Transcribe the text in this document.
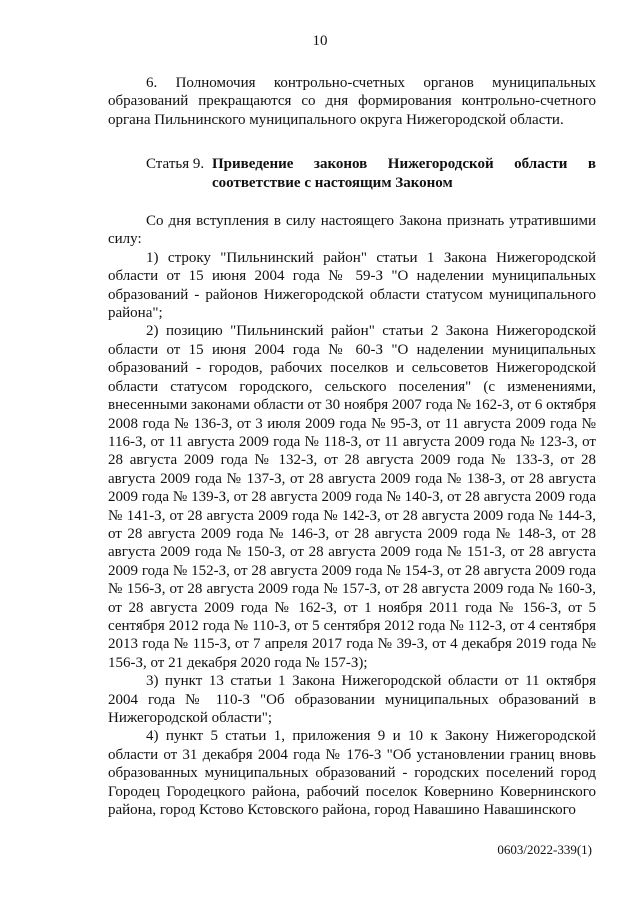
10

6. Полномочия контрольно-счетных органов муниципальных образований прекращаются со дня формирования контрольно-счетного органа Пильнинского муниципального округа Нижегородской области.

Статья 9. Приведение законов Нижегородской области в соответствие с настоящим Законом

Со дня вступления в силу настоящего Закона признать утратившими силу:

1) строку "Пильнинский район" статьи 1 Закона Нижегородской области от 15 июня 2004 года № 59-З "О наделении муниципальных образований - районов Нижегородской области статусом муниципального района";

2) позицию "Пильнинский район" статьи 2 Закона Нижегородской области от 15 июня 2004 года № 60-З "О наделении муниципальных образований - городов, рабочих поселков и сельсоветов Нижегородской области статусом городского, сельского поселения" (с изменениями, внесенными законами области от 30 ноября 2007 года № 162-З, от 6 октября 2008 года № 136-З, от 3 июля 2009 года № 95-З, от 11 августа 2009 года № 116-З, от 11 августа 2009 года № 118-З, от 11 августа 2009 года № 123-З, от 28 августа 2009 года № 132-З, от 28 августа 2009 года № 133-З, от 28 августа 2009 года № 137-З, от 28 августа 2009 года № 138-З, от 28 августа 2009 года № 139-З, от 28 августа 2009 года № 140-З, от 28 августа 2009 года № 141-З, от 28 августа 2009 года № 142-З, от 28 августа 2009 года № 144-З, от 28 августа 2009 года № 146-З, от 28 августа 2009 года № 148-З, от 28 августа 2009 года № 150-З, от 28 августа 2009 года № 151-З, от 28 августа 2009 года № 152-З, от 28 августа 2009 года № 154-З, от 28 августа 2009 года № 156-З, от 28 августа 2009 года № 157-З, от 28 августа 2009 года № 160-З, от 28 августа 2009 года № 162-З, от 1 ноября 2011 года № 156-З, от 5 сентября 2012 года № 110-З, от 5 сентября 2012 года № 112-З, от 4 сентября 2013 года № 115-З, от 7 апреля 2017 года № 39-З, от 4 декабря 2019 года № 156-З, от 21 декабря 2020 года № 157-З);

3) пункт 13 статьи 1 Закона Нижегородской области от 11 октября 2004 года № 110-З "Об образовании муниципальных образований в Нижегородской области";

4) пункт 5 статьи 1, приложения 9 и 10 к Закону Нижегородской области от 31 декабря 2004 года № 176-З "Об установлении границ вновь образованных муниципальных образований - городских поселений город Городец Городецкого района, рабочий поселок Ковернино Ковернинского района, город Кстово Кстовского района, город Навашино Навашинского

0603/2022-339(1)
